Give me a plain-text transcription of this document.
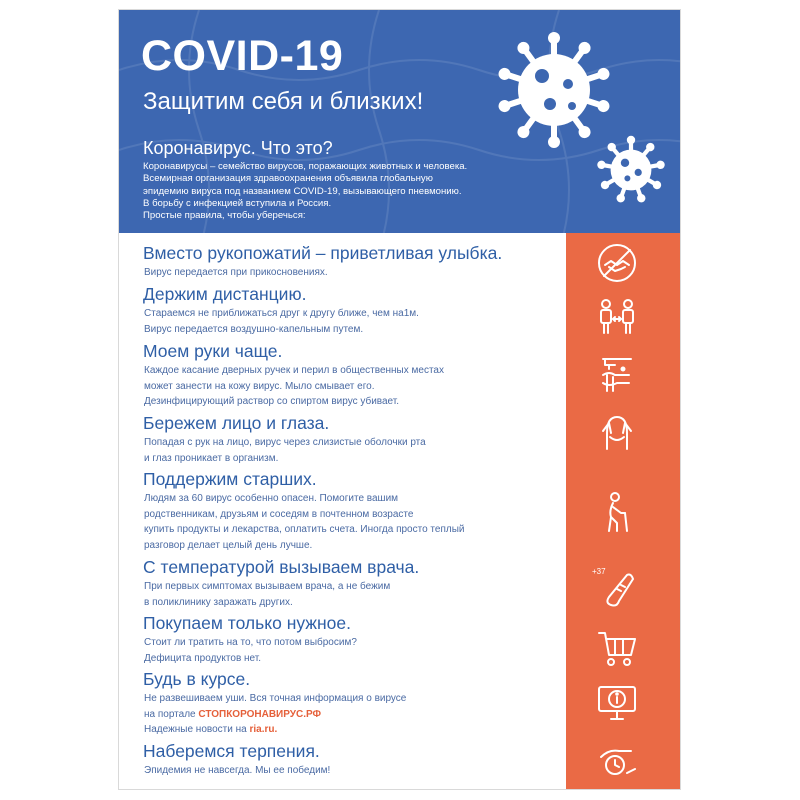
COVID-19

Защитим себя и близких!

Коронавирус. Что это?

Коронавирусы – семейство вирусов, поражающих животных и человека.
Всемирная организация здравоохранения объявила глобальную
эпидемию вируса под названием COVID-19, вызывающего пневмонию.
В борьбу с инфекцией вступила и Россия.
Простые правила, чтобы уберечься:
Вместо рукопожатий – приветливая улыбка.
Вирус передается при прикосновениях.
Держим дистанцию.
Стараемся не приближаться друг к другу ближе, чем на1м.
Вирус передается воздушно-капельным путем.
Моем руки чаще.
Каждое касание дверных ручек и перил в общественных местах
может занести на кожу вирус. Мыло смывает его.
Дезинфицирующий раствор со спиртом вирус убивает.
Бережем лицо и глаза.
Попадая с рук на лицо, вирус через слизистые оболочки рта
и глаз проникает в организм.
Поддержим старших.
Людям за 60 вирус особенно опасен. Помогите вашим
родственникам, друзьям и соседям в почтенном возрасте
купить продукты и лекарства, оплатить счета. Иногда просто теплый
разговор делает целый день лучше.
С температурой вызываем врача.
При первых симптомах вызываем врача, а не бежим
в поликлинику заражать других.
Покупаем только нужное.
Стоит ли тратить на то, что потом выбросим?
Дефицита продуктов нет.
Будь в курсе.
Не развешиваем уши. Вся точная информация о вирусе
на портале СТОПКОРОНАВИРУС.РФ
Надежные новости на ria.ru.
Наберемся терпения.
Эпидемия не навсегда. Мы ее победим!
+37
